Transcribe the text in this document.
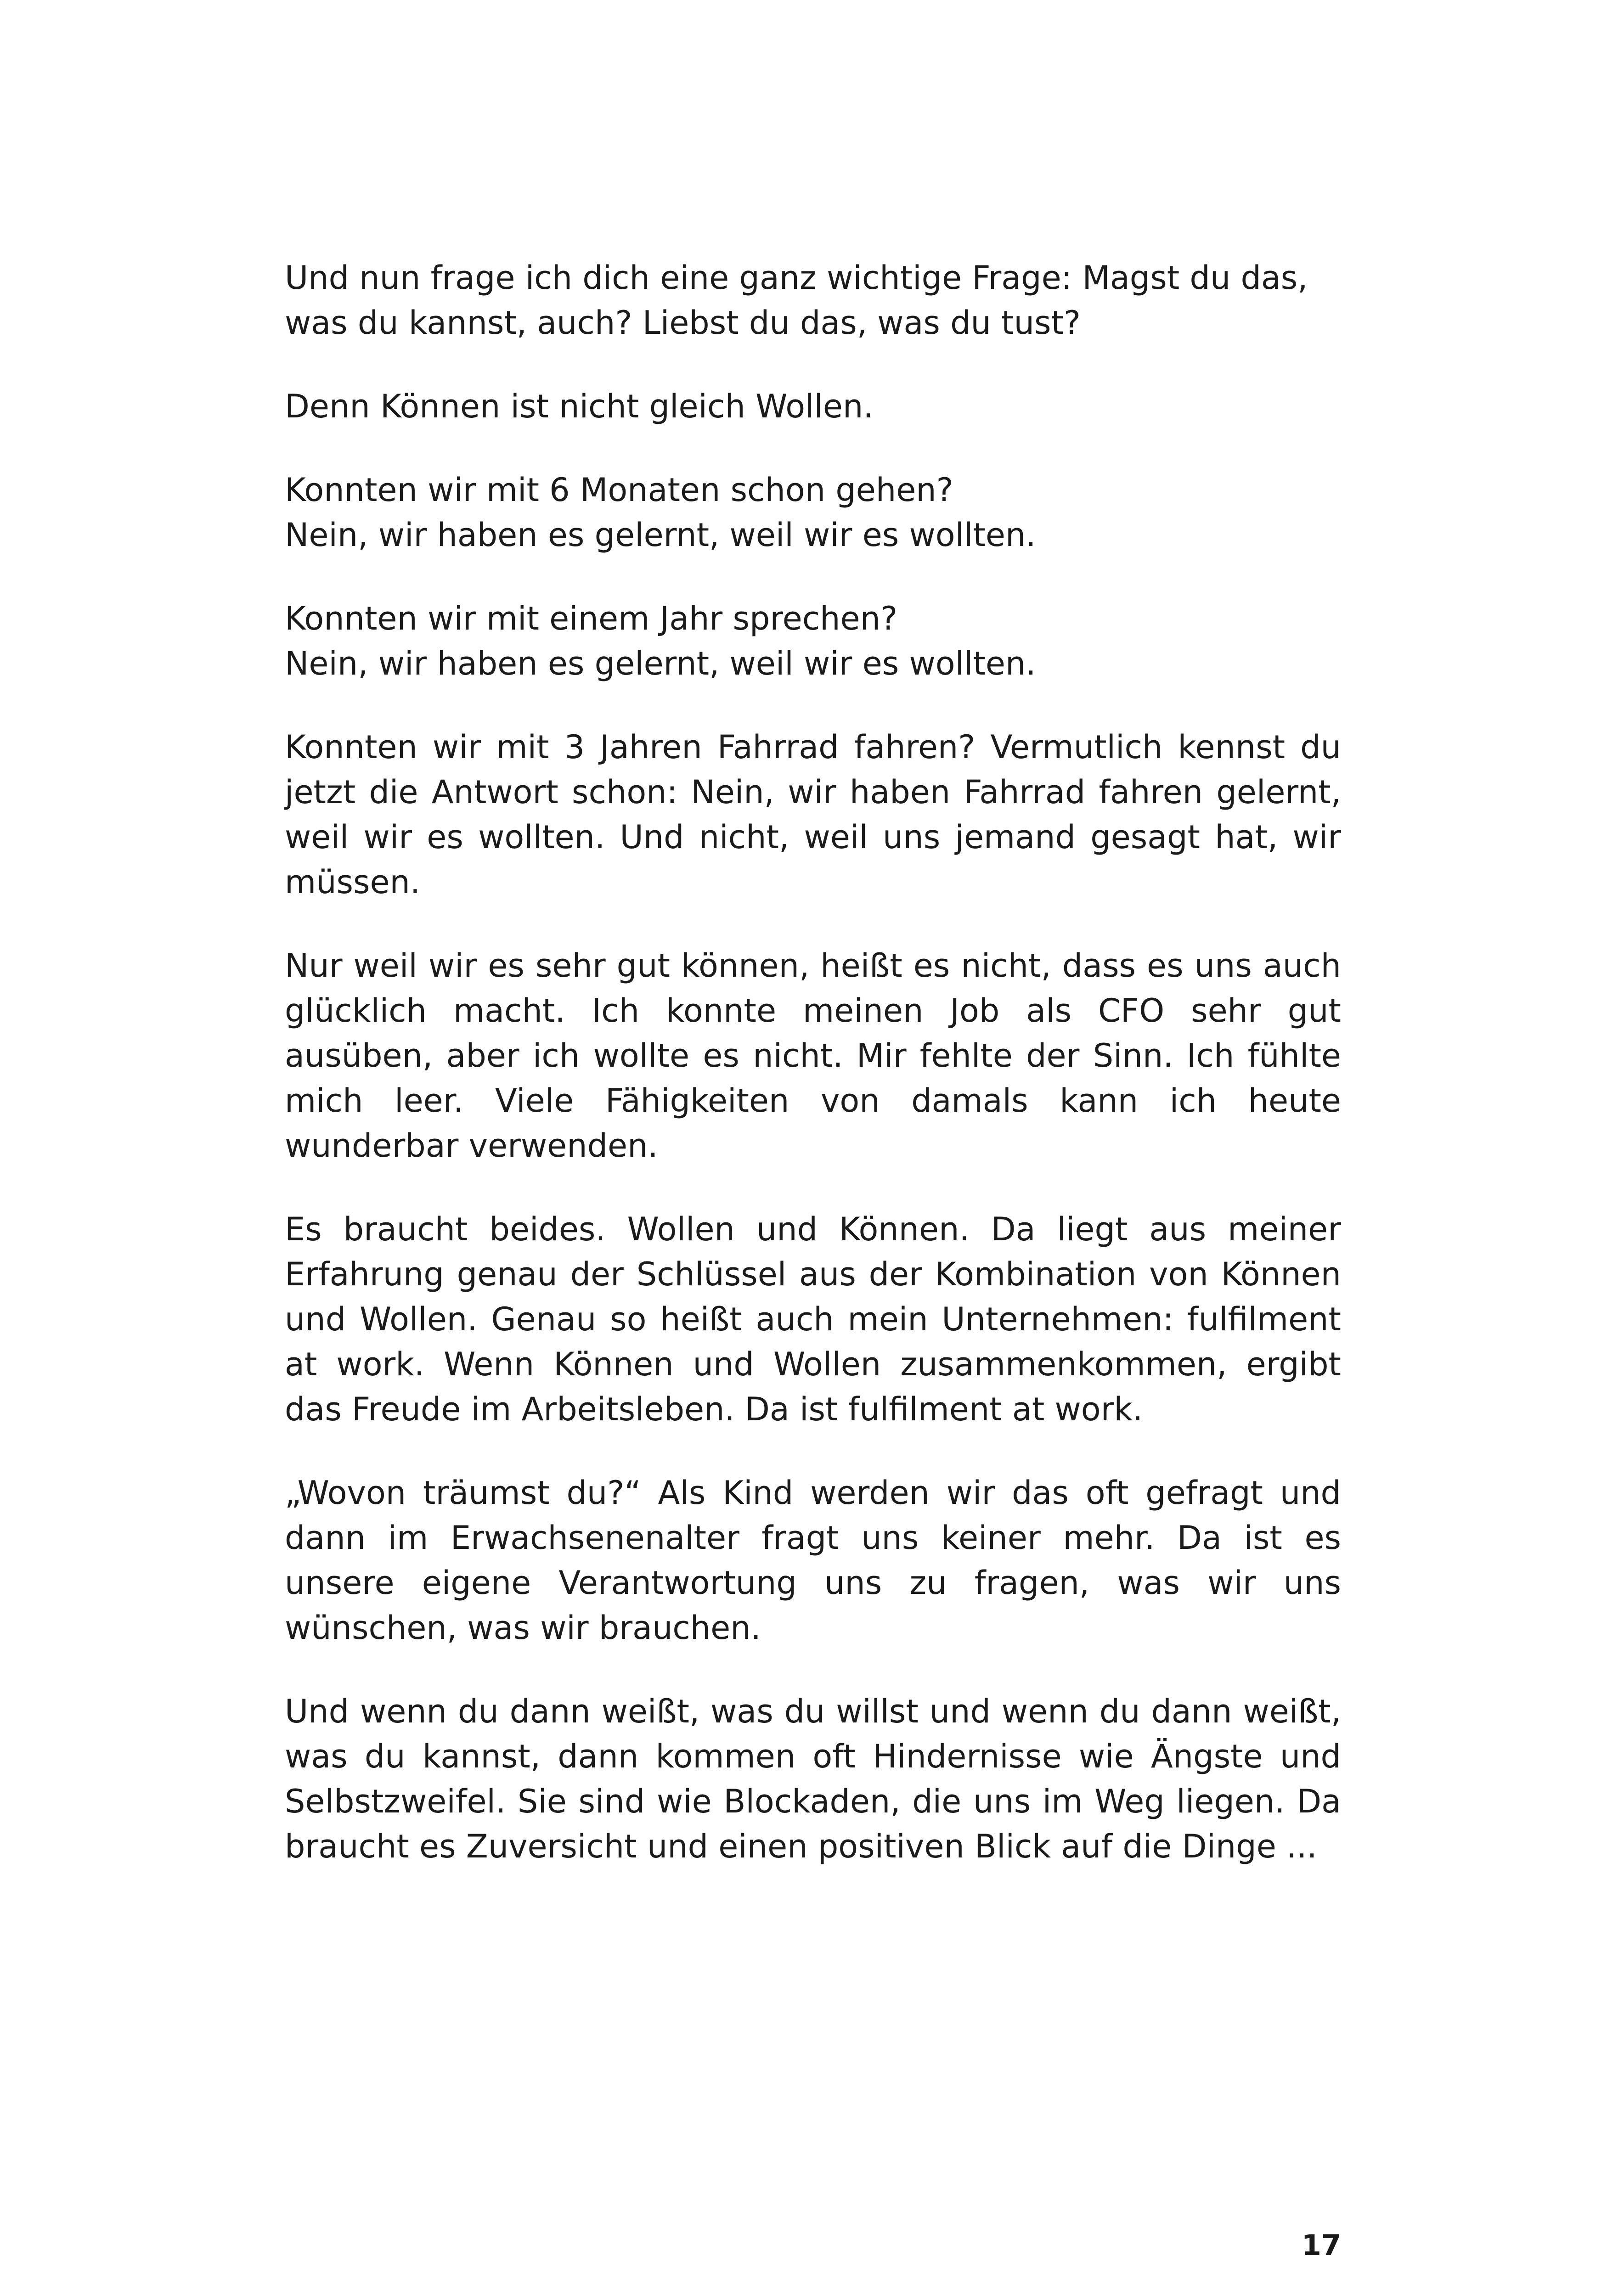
Und nun frage ich dich eine ganz wichtige Frage: Magst du das,
was du kannst, auch? Liebst du das, was du tust?

Denn Können ist nicht gleich Wollen.

Konnten wir mit 6 Monaten schon gehen?
Nein, wir haben es gelernt, weil wir es wollten.

Konnten wir mit einem Jahr sprechen?
Nein, wir haben es gelernt, weil wir es wollten.

Konnten wir mit 3 Jahren Fahrrad fahren? Vermutlich kennst du jetzt die Antwort schon: Nein, wir haben Fahrrad fahren gelernt, weil wir es wollten. Und nicht, weil uns jemand gesagt hat, wir müssen.

Nur weil wir es sehr gut können, heißt es nicht, dass es uns auch glücklich macht. Ich konnte meinen Job als CFO sehr gut ausüben, aber ich wollte es nicht. Mir fehlte der Sinn. Ich fühlte mich leer. Viele Fähigkeiten von damals kann ich heute wunderbar verwenden.

Es braucht beides. Wollen und Können. Da liegt aus meiner Erfahrung genau der Schlüssel aus der Kombination von Können und Wollen. Genau so heißt auch mein Unternehmen: fulfilment at work. Wenn Können und Wollen zusammenkommen, ergibt das Freude im Arbeitsleben. Da ist fulfilment at work.

„Wovon träumst du?“ Als Kind werden wir das oft gefragt und dann im Erwachsenenalter fragt uns keiner mehr. Da ist es unsere eigene Verantwortung uns zu fragen, was wir uns wünschen, was wir brauchen.

Und wenn du dann weißt, was du willst und wenn du dann weißt, was du kannst, dann kommen oft Hindernisse wie Ängste und Selbstzweifel. Sie sind wie Blockaden, die uns im Weg liegen. Da braucht es Zuversicht und einen positiven Blick auf die Dinge ...

17
